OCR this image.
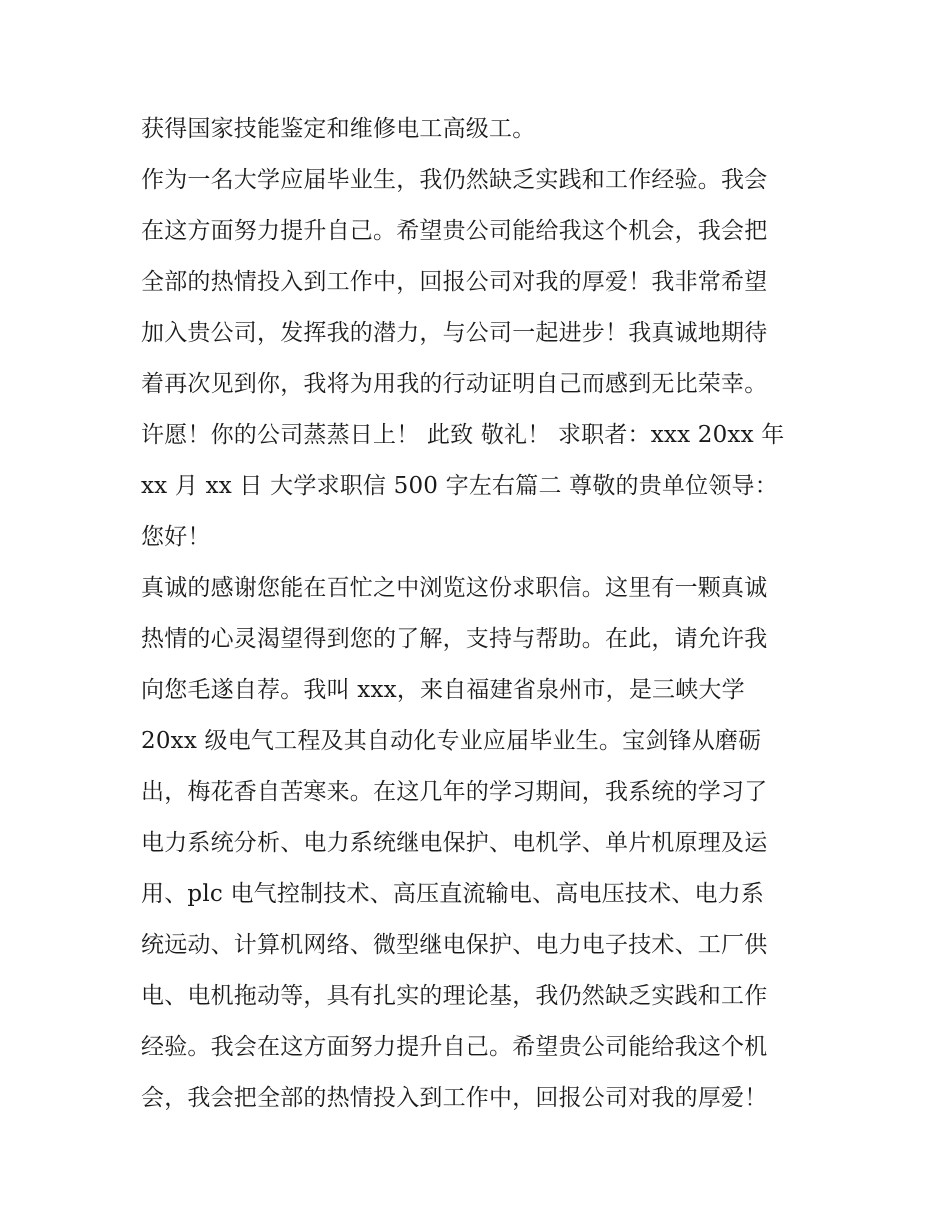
获得国家技能鉴定和维修电工高级工。
作为一名大学应届毕业生，我仍然缺乏实践和工作经验。我会
在这方面努力提升自己。希望贵公司能给我这个机会，我会把
全部的热情投入到工作中，回报公司对我的厚爱！我非常希望
加入贵公司，发挥我的潜力，与公司一起进步！我真诚地期待
着再次见到你，我将为用我的行动证明自己而感到无比荣幸。
许愿！你的公司蒸蒸日上！ 此致 敬礼！ 求职者：xxx 20xx 年
xx 月 xx 日 大学求职信 500 字左右篇二 尊敬的贵单位领导：
您好！
真诚的感谢您能在百忙之中浏览这份求职信。这里有一颗真诚
热情的心灵渴望得到您的了解，支持与帮助。在此，请允许我
向您毛遂自荐。我叫 xxx，来自福建省泉州市，是三峡大学
20xx 级电气工程及其自动化专业应届毕业生。宝剑锋从磨砺
出，梅花香自苦寒来。在这几年的学习期间，我系统的学习了
电力系统分析、电力系统继电保护、电机学、单片机原理及运
用、plc 电气控制技术、高压直流输电、高电压技术、电力系
统远动、计算机网络、微型继电保护、电力电子技术、工厂供
电、电机拖动等，具有扎实的理论基，我仍然缺乏实践和工作
经验。我会在这方面努力提升自己。希望贵公司能给我这个机
会，我会把全部的热情投入到工作中，回报公司对我的厚爱！
